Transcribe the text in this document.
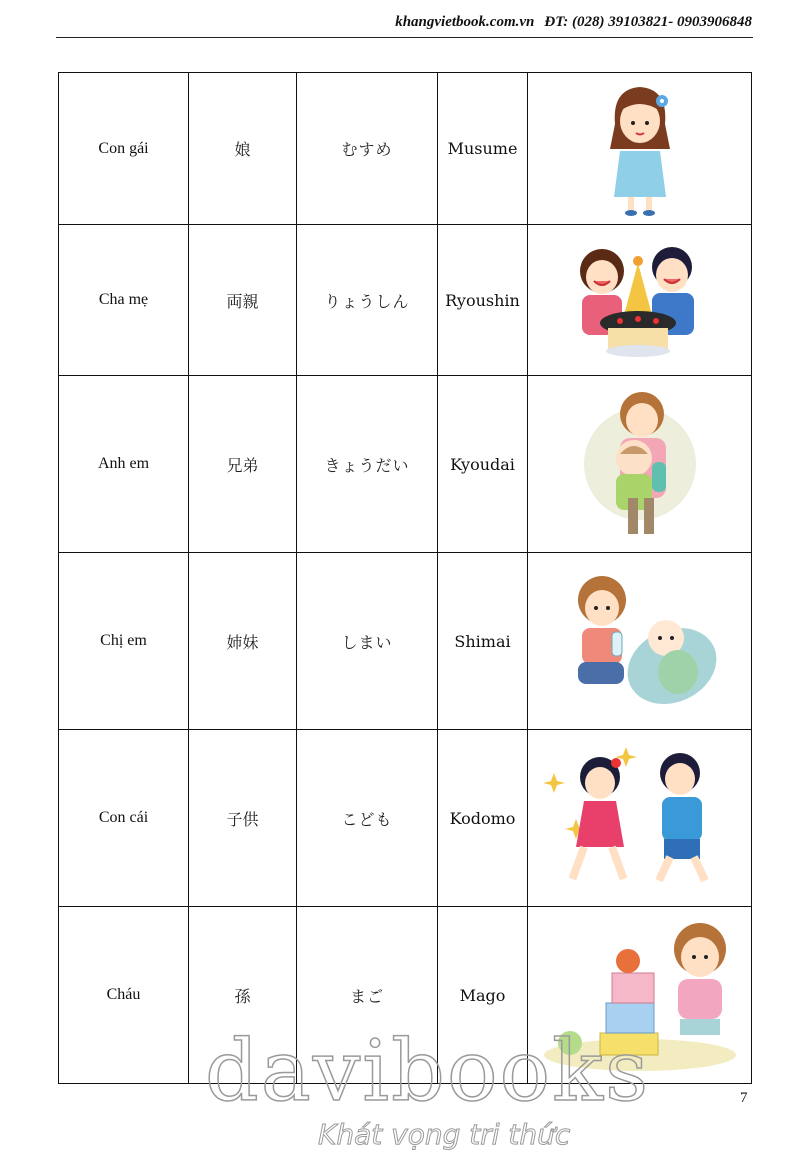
khangvietbook.com.vn ĐT: (028) 39103821- 0903906848
Con gái	娘	むすめ	Musume	

Cha mẹ	両親	りょうしん	Ryoushin	

Anh em	兄弟	きょうだい	Kyoudai	

Chị em	姉妹	しまい	Shimai	

Con cái	子供	こども	Kodomo	

Cháu	孫	まご	Mago	
7
davibooks
Khát vọng tri thức
